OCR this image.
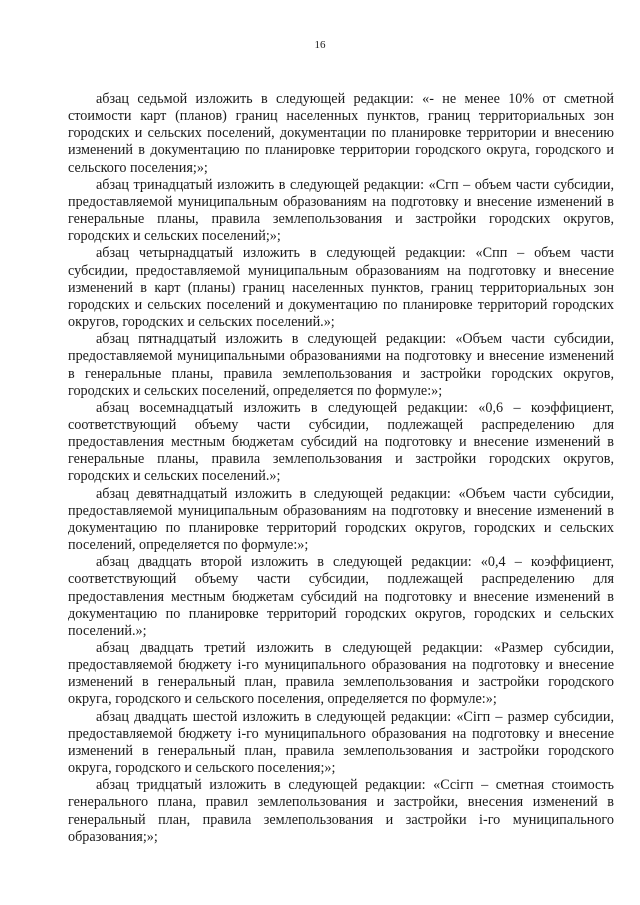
16

абзац седьмой изложить в следующей редакции: «- не менее 10% от сметной стоимости карт (планов) границ населенных пунктов, границ территориальных зон городских и сельских поселений, документации по планировке территории и внесению изменений в документацию по планировке территории городского округа, городского и сельского поселения;»;

абзац тринадцатый изложить в следующей редакции: «Сгп – объем части субсидии, предоставляемой муниципальным образованиям на подготовку и внесение изменений в генеральные планы, правила землепользования и застройки городских округов, городских и сельских поселений;»;

абзац четырнадцатый изложить в следующей редакции: «Спп – объем части субсидии, предоставляемой муниципальным образованиям на подготовку и внесение изменений в карт (планы) границ населенных пунктов, границ территориальных зон городских и сельских поселений и документацию по планировке территорий городских округов, городских и сельских поселений.»;

абзац пятнадцатый изложить в следующей редакции: «Объем части субсидии, предоставляемой муниципальными образованиями на подготовку и внесение изменений в генеральные планы, правила землепользования и застройки городских округов, городских и сельских поселений, определяется по формуле:»;

абзац восемнадцатый изложить в следующей редакции: «0,6 – коэффициент, соответствующий объему части субсидии, подлежащей распределению для предоставления местным бюджетам субсидий на подготовку и внесение изменений в генеральные планы, правила землепользования и застройки городских округов, городских и сельских поселений.»;

абзац девятнадцатый изложить в следующей редакции: «Объем части субсидии, предоставляемой муниципальным образованиям на подготовку и внесение изменений в документацию по планировке территорий городских округов, городских и сельских поселений, определяется по формуле:»;

абзац двадцать второй изложить в следующей редакции: «0,4 – коэффициент, соответствующий объему части субсидии, подлежащей распределению для предоставления местным бюджетам субсидий на подготовку и внесение изменений в документацию по планировке территорий городских округов, городских и сельских поселений.»;

абзац двадцать третий изложить в следующей редакции: «Размер субсидии, предоставляемой бюджету i-го муниципального образования на подготовку и внесение изменений в генеральный план, правила землепользования и застройки городского округа, городского и сельского поселения, определяется по формуле:»;

абзац двадцать шестой изложить в следующей редакции: «Сiгп – размер субсидии, предоставляемой бюджету i-го муниципального образования на подготовку и внесение изменений в генеральный план, правила землепользования и застройки городского округа, городского и сельского поселения;»;

абзац тридцатый изложить в следующей редакции: «Ссiгп – сметная стоимость генерального плана, правил землепользования и застройки, внесения изменений в генеральный план, правила землепользования и застройки i-го муниципального образования;»;
